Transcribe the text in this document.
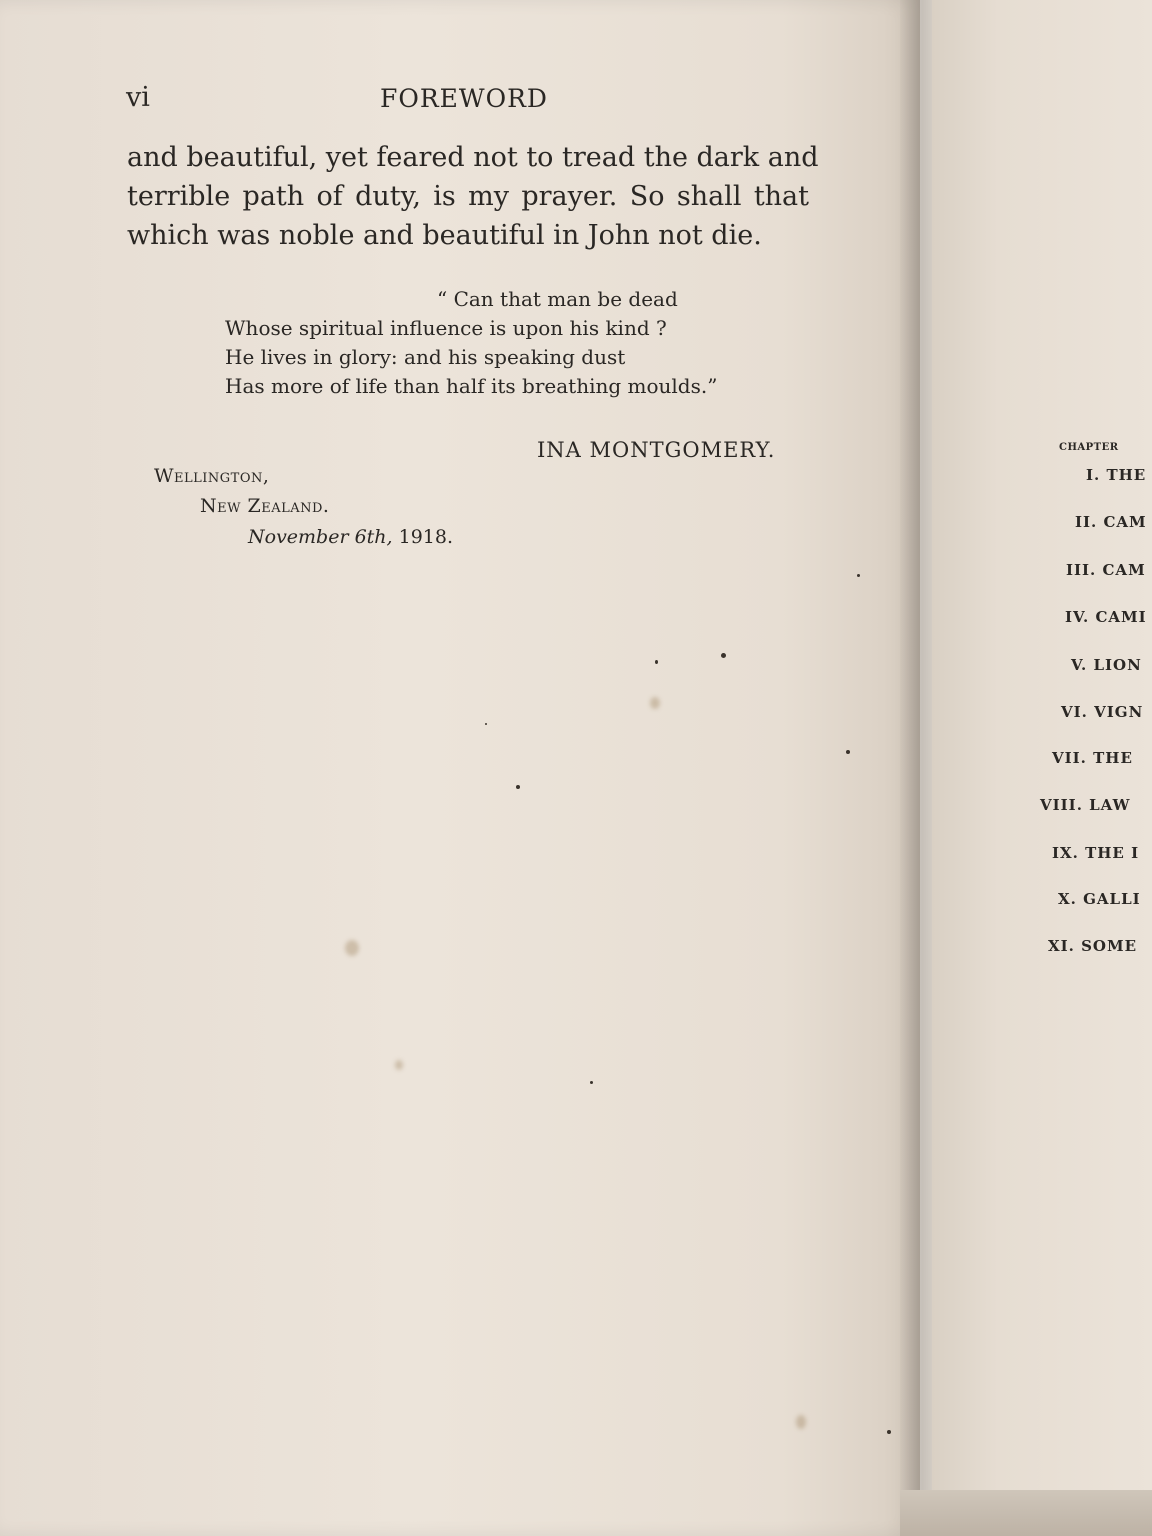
vi	FOREWORD
and beautiful, yet feared not to tread the dark and
terrible path of duty, is my prayer. So shall that
which was noble and beautiful in John not die.
“ Can that man be dead
Whose spiritual influence is upon his kind ?
He lives in glory: and his speaking dust
Has more of life than half its breathing moulds.”
INA MONTGOMERY.
Wellington,
New Zealand.
November 6th, 1918.
CHAPTER
I. THE
II. CAM
III. CAM
IV. CAMI
V. LION
VI. VIGN
VII. THE
VIII. LAW
IX. THE I
X. GALLI
XI. SOME
